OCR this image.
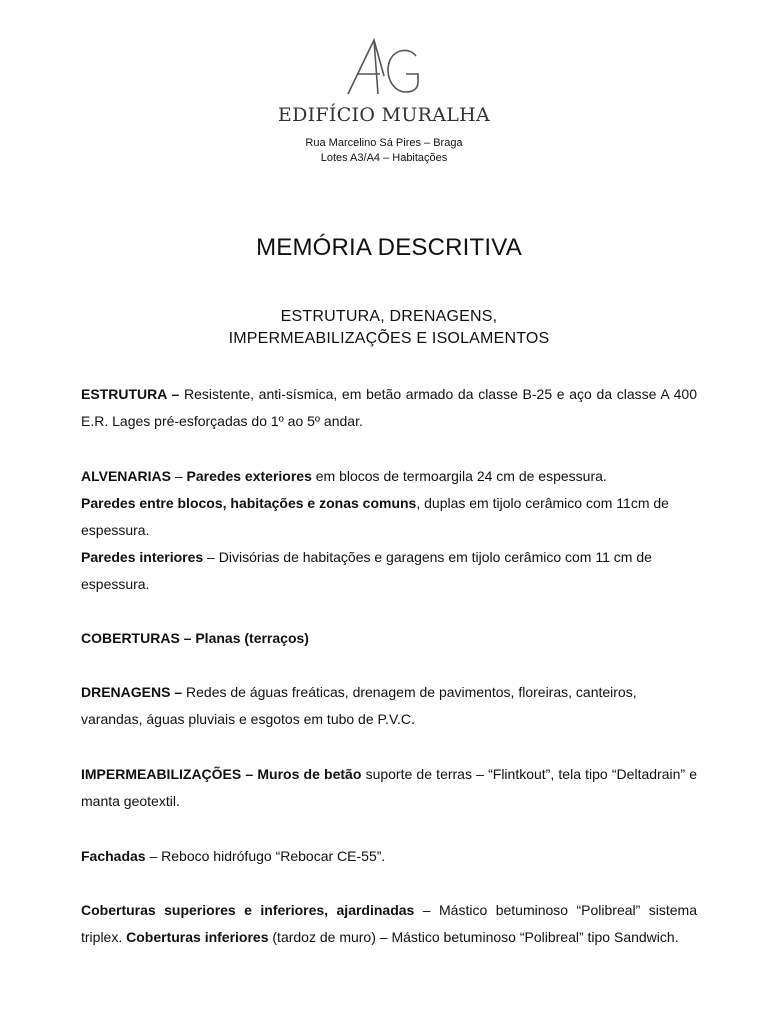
EDIFÍCIO MURALHA
Rua Marcelino Sá Pires – Braga
Lotes A3/A4 – Habitações
MEMÓRIA DESCRITIVA
ESTRUTURA, DRENAGENS,
IMPERMEABILIZAÇÕES E ISOLAMENTOS

ESTRUTURA – Resistente, anti-sísmica, em betão armado da classe B-25 e aço da classe A 400 E.R. Lages pré-esforçadas do 1º ao 5º andar.

ALVENARIAS – Paredes exteriores em blocos de termoargila 24 cm de espessura.

Paredes entre blocos, habitações e zonas comuns, duplas em tijolo cerâmico com 11cm de espessura.

Paredes interiores – Divisórias de habitações e garagens em tijolo cerâmico com 11 cm de espessura.

COBERTURAS – Planas (terraços)

DRENAGENS – Redes de águas freáticas, drenagem de pavimentos, floreiras, canteiros, varandas, águas pluviais e esgotos em tubo de P.V.C.

IMPERMEABILIZAÇÕES – Muros de betão suporte de terras – “Flintkout”, tela tipo “Deltadrain” e manta geotextil.

Fachadas – Reboco hidrófugo “Rebocar CE-55”.

Coberturas superiores e inferiores, ajardinadas – Mástico betuminoso “Polibreal” sistema triplex. Coberturas inferiores (tardoz de muro) – Mástico betuminoso “Polibreal” tipo Sandwich.
